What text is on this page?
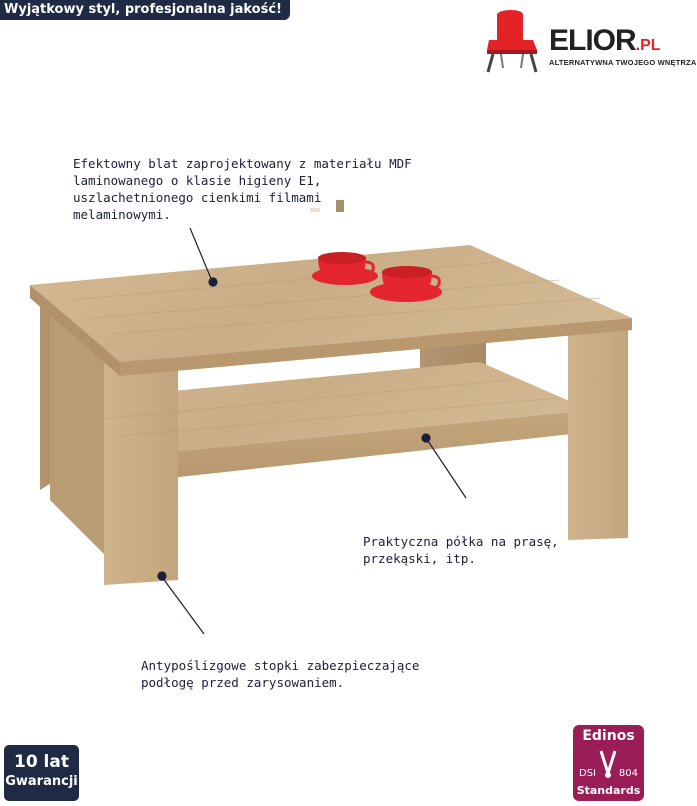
Wyjątkowy styl, profesjonalna jakość!
ELIOR.PL
ALTERNATYWNA TWOJEGO WNĘTRZA
Efektowny blat zaprojektowany z materiału MDF laminowanego o klasie higieny E1, uszlachetnionego cienkimi filmami melaminowymi.
Praktyczna półka na prasę, przekąski, itp.
Antypoślizgowe stopki zabezpieczające podłogę przed zarysowaniem.
10 lat
Gwarancji
Edinos
DSI 804
Standards
